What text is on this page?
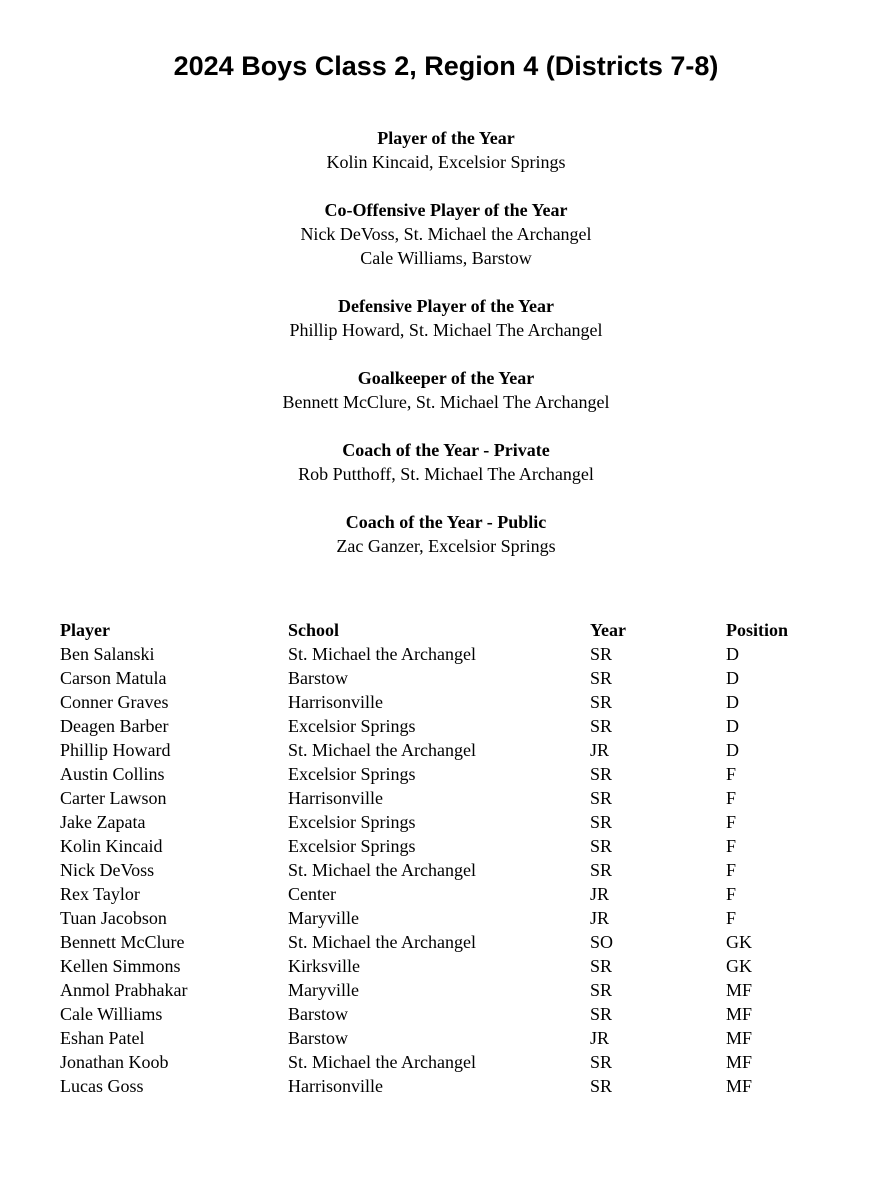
2024 Boys Class 2, Region 4 (Districts 7-8)
Player of the Year
Kolin Kincaid, Excelsior Springs
Co-Offensive Player of the Year
Nick DeVoss, St. Michael the Archangel
Cale Williams, Barstow
Defensive Player of the Year
Phillip Howard, St. Michael The Archangel
Goalkeeper of the Year
Bennett McClure, St. Michael The Archangel
Coach of the Year - Private
Rob Putthoff, St. Michael The Archangel
Coach of the Year - Public
Zac Ganzer, Excelsior Springs
Player	School	Year	Position
Ben Salanski	St. Michael the Archangel	SR	D
Carson Matula	Barstow	SR	D
Conner Graves	Harrisonville	SR	D
Deagen Barber	Excelsior Springs	SR	D
Phillip Howard	St. Michael the Archangel	JR	D
Austin Collins	Excelsior Springs	SR	F
Carter Lawson	Harrisonville	SR	F
Jake Zapata	Excelsior Springs	SR	F
Kolin Kincaid	Excelsior Springs	SR	F
Nick DeVoss	St. Michael the Archangel	SR	F
Rex Taylor	Center	JR	F
Tuan Jacobson	Maryville	JR	F
Bennett McClure	St. Michael the Archangel	SO	GK
Kellen Simmons	Kirksville	SR	GK
Anmol Prabhakar	Maryville	SR	MF
Cale Williams	Barstow	SR	MF
Eshan Patel	Barstow	JR	MF
Jonathan Koob	St. Michael the Archangel	SR	MF
Lucas Goss	Harrisonville	SR	MF
